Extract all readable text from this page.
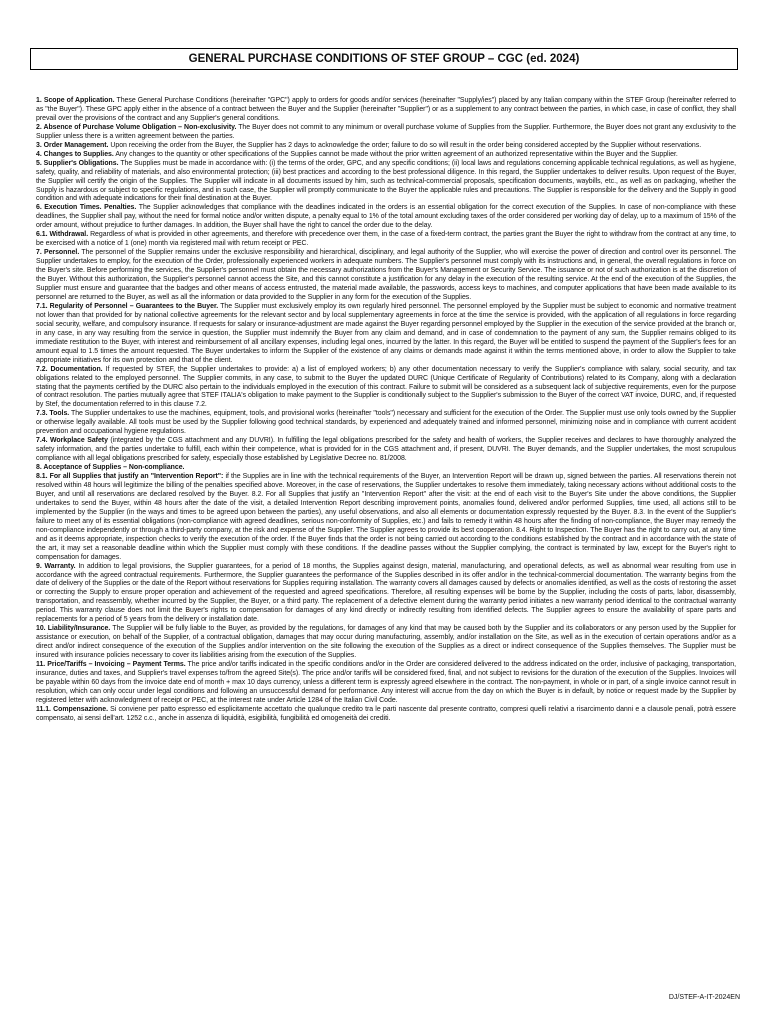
GENERAL PURCHASE CONDITIONS OF STEF GROUP – CGC (ed. 2024)

1. Scope of Application. These General Purchase Conditions (hereinafter "GPC") apply to orders for goods and/or services (hereinafter "Supply/ies") placed by any Italian company within the STEF Group (hereinafter referred to as "the Buyer"). These GPC apply either in the absence of a contract between the Buyer and the Supplier (hereinafter "Supplier") or as a supplement to any contract between the parties, in which case, in case of conflict, they shall prevail over the provisions of the contract and any Supplier's general conditions.

2. Absence of Purchase Volume Obligation – Non-exclusivity. The Buyer does not commit to any minimum or overall purchase volume of Supplies from the Supplier. Furthermore, the Buyer does not grant any exclusivity to the Supplier unless there is a written agreement between the parties.

3. Order Management. Upon receiving the order from the Buyer, the Supplier has 2 days to acknowledge the order; failure to do so will result in the order being considered accepted by the Supplier without reservations.

4. Changes to Supplies. Any changes to the quantity or other specifications of the Supplies cannot be made without the prior written agreement of an authorized representative within the Buyer and the Supplier.

5. Supplier's Obligations. The Supplies must be made in accordance with: (i) the terms of the order, GPC, and any specific conditions; (ii) local laws and regulations concerning applicable technical regulations, as well as hygiene, safety, quality, and reliability of materials, and also environmental protection; (iii) best practices and according to the best professional diligence. In this regard, the Supplier undertakes to deliver results. Upon request of the Buyer, the Supplier will certify the origin of the Supplies. The Supplier will indicate in all documents issued by him, such as technical-commercial proposals, specification documents, waybills, etc., as well as on packaging, whether the Supply is hazardous or subject to specific regulations, and in such case, the Supplier will promptly communicate to the Buyer the applicable rules and precautions. The Supplier is responsible for the delivery and the Supply in good condition and with adequate indications for their final destination at the Buyer.

6. Execution Times. Penalties. The Supplier acknowledges that compliance with the deadlines indicated in the orders is an essential obligation for the correct execution of the Supplies. In case of non-compliance with these deadlines, the Supplier shall pay, without the need for formal notice and/or written dispute, a penalty equal to 1% of the total amount excluding taxes of the order considered per working day of delay, up to a maximum of 15% of the order amount, without prejudice to further damages. In addition, the Buyer shall have the right to cancel the order due to the delay.

6.1. Withdrawal. Regardless of what is provided in other agreements, and therefore with precedence over them, in the case of a fixed-term contract, the parties grant the Buyer the right to withdraw from the contract at any time, to be exercised with a notice of 1 (one) month via registered mail with return receipt or PEC.

7. Personnel. The personnel of the Supplier remains under the exclusive responsibility and hierarchical, disciplinary, and legal authority of the Supplier, who will exercise the power of direction and control over its personnel. The Supplier undertakes to employ, for the execution of the Order, professionally experienced workers in adequate numbers. The Supplier's personnel must comply with its instructions and, in general, the overall regulations in force on the Buyer's site. Before performing the services, the Supplier's personnel must obtain the necessary authorizations from the Buyer's Management or Security Service. The issuance or not of such authorization is at the discretion of the Buyer. Without this authorization, the Supplier's personnel cannot access the Site, and this cannot constitute a justification for any delay in the execution of the resulting service. At the end of the execution of the Supplies, the Supplier must ensure and guarantee that the badges and other means of access entrusted, the material made available, the passwords, access keys to machines, and computer applications that have been made available to its personnel are returned to the Buyer, as well as all the information or data provided to the Supplier in any form for the execution of the Supplies.

7.1. Regularity of Personnel – Guarantees to the Buyer. The Supplier must exclusively employ its own regularly hired personnel. The personnel employed by the Supplier must be subject to economic and normative treatment not lower than that provided for by national collective agreements for the relevant sector and by local supplementary agreements in force at the time the service is provided, with the application of all regulations in force regarding social security, welfare, and compulsory insurance. If requests for salary or insurance-adjustment are made against the Buyer regarding personnel employed by the Supplier in the execution of the service provided at the branch or, in any case, in any way resulting from the service in question, the Supplier must indemnify the Buyer from any claim and demand, and in case of condemnation to the payment of any sum, the Supplier remains obliged to its immediate restitution to the Buyer, with interest and reimbursement of all ancillary expenses, including legal ones, incurred by the latter. In this regard, the Buyer will be entitled to suspend the payment of the Supplier's fees for an amount equal to 1.5 times the amount requested. The Buyer undertakes to inform the Supplier of the existence of any claims or demands made against it within the terms mentioned above, in order to allow the Supplier to take appropriate initiatives for its own protection and that of the client.

7.2. Documentation. If requested by STEF, the Supplier undertakes to provide: a) a list of employed workers; b) any other documentation necessary to verify the Supplier's compliance with salary, social security, and tax obligations related to the employed personnel. The Supplier commits, in any case, to submit to the Buyer the updated DURC (Unique Certificate of Regularity of Contributions) related to its Company, along with a declaration stating that the payments certified by the DURC also pertain to the individuals employed in the execution of this contract. Failure to submit will be considered as a subsequent lack of subjective requirements, even for the purpose of contract resolution. The parties mutually agree that STEF ITALIA's obligation to make payment to the Supplier is conditionally subject to the Supplier's submission to the Buyer of the correct VAT invoice, DURC, and, if requested by Stef, the documentation referred to in this clause 7.2.

7.3. Tools. The Supplier undertakes to use the machines, equipment, tools, and provisional works (hereinafter "tools") necessary and sufficient for the execution of the Order. The Supplier must use only tools owned by the Supplier or otherwise legally available. All tools must be used by the Supplier following good technical standards, by experienced and adequately trained and informed personnel, minimizing noise and in compliance with current accident prevention and occupational hygiene regulations.

7.4. Workplace Safety (integrated by the CGS attachment and any DUVRI). In fulfilling the legal obligations prescribed for the safety and health of workers, the Supplier receives and declares to have thoroughly analyzed the safety information, and the parties undertake to fulfill, each within their competence, what is provided for in the CGS attachment and, if present, DUVRI. The Buyer demands, and the Supplier undertakes, the most scrupulous compliance with all legal obligations prescribed for safety, especially those established by Legislative Decree no. 81/2008.

8. Acceptance of Supplies – Non-compliance.

8.1. For all Supplies that justify an "Intervention Report": if the Supplies are in line with the technical requirements of the Buyer, an Intervention Report will be drawn up, signed between the parties. All reservations therein not resolved within 48 hours will legitimize the billing of the penalties specified above. Moreover, in the case of reservations, the Supplier undertakes to resolve them immediately, taking necessary actions without additional costs to the Buyer, and until all reservations are declared resolved by the Buyer. 8.2. For all Supplies that justify an "Intervention Report" after the visit: at the end of each visit to the Buyer's Site under the above conditions, the Supplier undertakes to send the Buyer, within 48 hours after the date of the visit, a detailed Intervention Report describing improvement points, anomalies found, delivered and/or performed Supplies, time used, all actions still to be implemented by the Supplier (in the ways and times to be agreed upon between the parties), any useful observations, and also all elements or documentation expressly requested by the Buyer. 8.3. In the event of the Supplier's failure to meet any of its essential obligations (non-compliance with agreed deadlines, serious non-conformity of Supplies, etc.) and fails to remedy it within 48 hours after the finding of non-compliance, the Buyer may remedy the non-compliance independently or through a third-party company, at the risk and expense of the Supplier. The Supplier agrees to provide its best cooperation. 8.4. Right to Inspection. The Buyer has the right to carry out, at any time and as it deems appropriate, inspection checks to verify the execution of the order. If the Buyer finds that the order is not being carried out according to the conditions established by the contract and in accordance with the state of the art, it may set a reasonable deadline within which the Supplier must comply with these conditions. If the deadline passes without the Supplier complying, the contract is terminated by law, except for the Buyer's right to compensation for damages.

9. Warranty. In addition to legal provisions, the Supplier guarantees, for a period of 18 months, the Supplies against design, material, manufacturing, and operational defects, as well as abnormal wear resulting from use in accordance with the agreed contractual requirements. Furthermore, the Supplier guarantees the performance of the Supplies described in its offer and/or in the technical-commercial documentation. The warranty begins from the date of delivery of the Supplies or the date of the Report without reservations for Supplies requiring installation. The warranty covers all damages caused by defects or anomalies identified, as well as the costs of restoring the asset or correcting the Supply to ensure proper operation and achievement of the requested and agreed specifications. Therefore, all resulting expenses will be borne by the Supplier, including the costs of parts, labor, disassembly, transportation, and reassembly, whether incurred by the Supplier, the Buyer, or a third party. The replacement of a defective element during the warranty period initiates a new warranty period identical to the contractual warranty period. This warranty clause does not limit the Buyer's rights to compensation for damages of any kind directly or indirectly resulting from identified defects. The Supplier agrees to ensure the availability of spare parts and replacements for a period of 5 years from the delivery or installation date.

10. Liability/Insurance. The Supplier will be fully liable to the Buyer, as provided by the regulations, for damages of any kind that may be caused both by the Supplier and its collaborators or any person used by the Supplier for assistance or execution, on behalf of the Supplier, of a contractual obligation, damages that may occur during manufacturing, assembly, and/or installation on the Site, as well as in the execution of certain operations and/or as a direct and/or indirect consequence of the execution of the Supplies and/or intervention on the site following the execution of the Supplies as a direct or indirect consequence of the Supplies themselves. The Supplier must be insured with insurance policies necessary to cover its liabilities arising from the execution of the Supplies.

11. Price/Tariffs – Invoicing – Payment Terms. The price and/or tariffs indicated in the specific conditions and/or in the Order are considered delivered to the address indicated on the order, inclusive of packaging, transportation, insurance, duties and taxes, and Supplier's travel expenses to/from the agreed Site(s). The price and/or tariffs will be considered fixed, final, and not subject to revisions for the duration of the execution of the Supplies. Invoices will be payable within 60 days from the invoice date end of month + max 10 days currency, unless a different term is expressly agreed elsewhere in the contract. The non-payment, in whole or in part, of a single invoice cannot result in resolution, which can only occur under legal conditions and following an unsuccessful demand for performance. Any interest will accrue from the day on which the Buyer is in default, by notice or request made by the Supplier by registered letter with acknowledgment of receipt or PEC, at the interest rate under Article 1284 of the Italian Civil Code.

11.1. Compensazione. Si conviene per patto espresso ed esplicitamente accettato che qualunque credito tra le parti nascente dal presente contratto, compresi quelli relativi a risarcimento danni e a clausole penali, potrà essere compensato, ai sensi dell'art. 1252 c.c., anche in assenza di liquidità, esigibilità, fungibilità ed omogeneità dei crediti.

DJ/STEF-A-IT-2024EN
